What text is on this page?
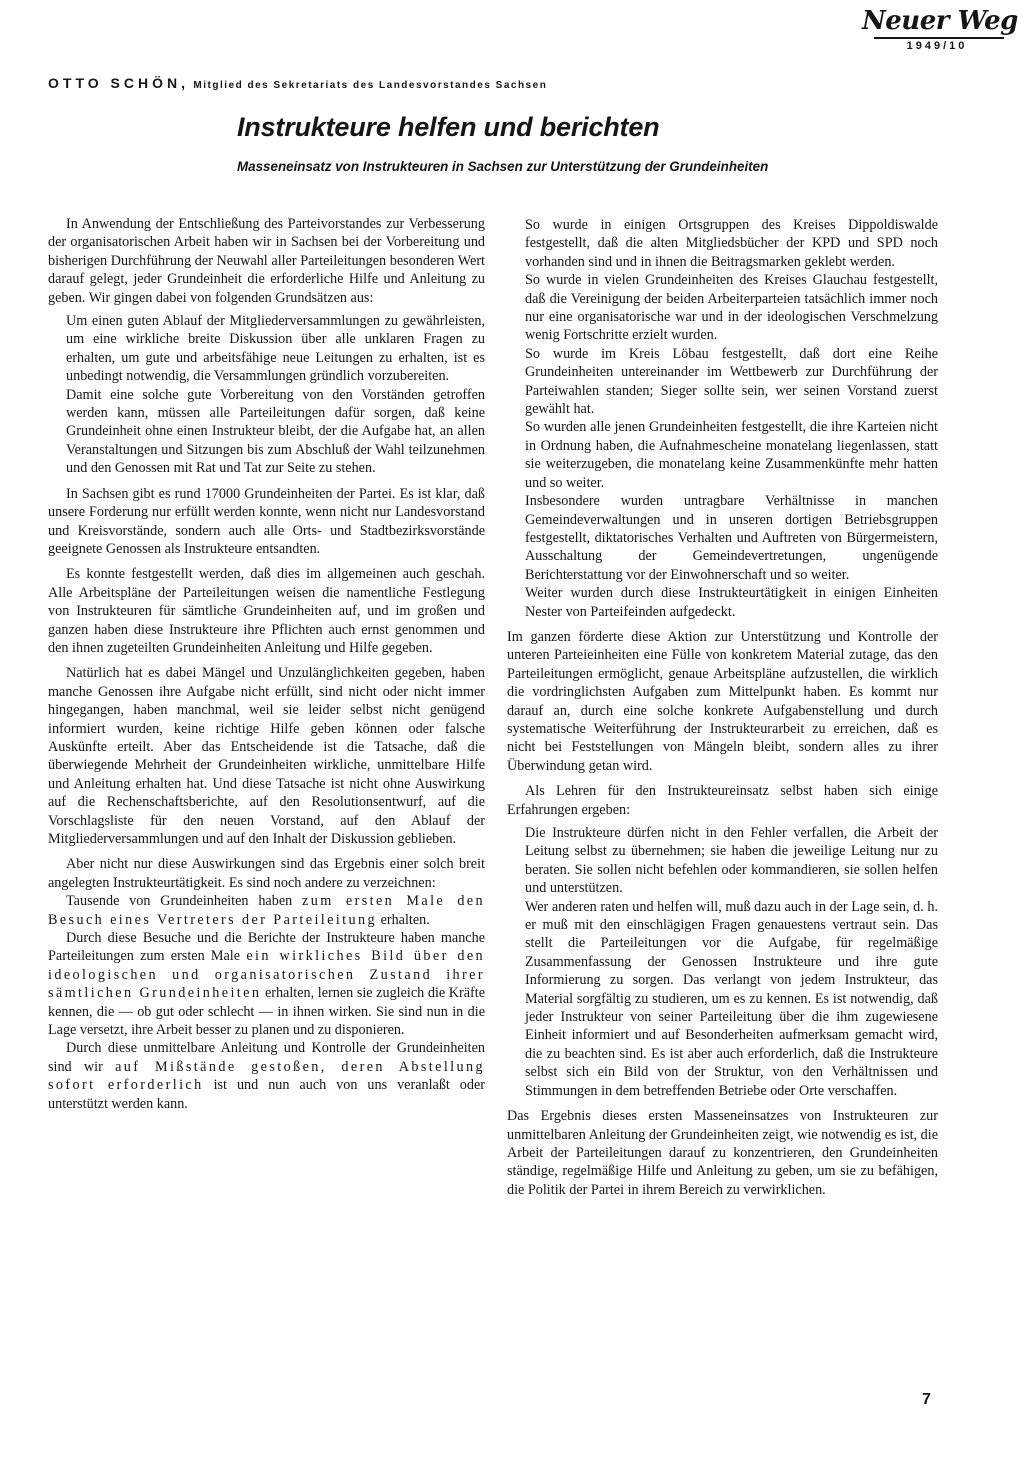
Neuer Weg
1949/10
OTTO SCHÖN, Mitglied des Sekretariats des Landesvorstandes Sachsen
Instrukteure helfen und berichten
Masseneinsatz von Instrukteuren in Sachsen zur Unterstützung der Grundeinheiten

In Anwendung der Entschließung des Parteivorstandes zur Verbesserung der organisatorischen Arbeit haben wir in Sachsen bei der Vorbereitung und bisherigen Durchführung der Neuwahl aller Parteileitungen besonderen Wert darauf gelegt, jeder Grundeinheit die erforderliche Hilfe und Anleitung zu geben. Wir gingen dabei von folgenden Grundsätzen aus:

Um einen guten Ablauf der Mitgliederversammlungen zu gewährleisten, um eine wirkliche breite Diskussion über alle unklaren Fragen zu erhalten, um gute und arbeitsfähige neue Leitungen zu erhalten, ist es unbedingt notwendig, die Versammlungen gründlich vorzubereiten.

Damit eine solche gute Vorbereitung von den Vorständen getroffen werden kann, müssen alle Parteileitungen dafür sorgen, daß keine Grundeinheit ohne einen Instrukteur bleibt, der die Aufgabe hat, an allen Veranstaltungen und Sitzungen bis zum Abschluß der Wahl teilzunehmen und den Genossen mit Rat und Tat zur Seite zu stehen.

In Sachsen gibt es rund 17000 Grundeinheiten der Partei. Es ist klar, daß unsere Forderung nur erfüllt werden konnte, wenn nicht nur Landesvorstand und Kreisvorstände, sondern auch alle Orts- und Stadtbezirksvorstände geeignete Genossen als Instrukteure entsandten.

Es konnte festgestellt werden, daß dies im allgemeinen auch geschah. Alle Arbeitspläne der Parteileitungen weisen die namentliche Festlegung von Instrukteuren für sämtliche Grundeinheiten auf, und im großen und ganzen haben diese Instrukteure ihre Pflichten auch ernst genommen und den ihnen zugeteilten Grundeinheiten Anleitung und Hilfe gegeben.

Natürlich hat es dabei Mängel und Unzulänglichkeiten gegeben, haben manche Genossen ihre Aufgabe nicht erfüllt, sind nicht oder nicht immer hingegangen, haben manchmal, weil sie leider selbst nicht genügend informiert wurden, keine richtige Hilfe geben können oder falsche Auskünfte erteilt. Aber das Entscheidende ist die Tatsache, daß die überwiegende Mehrheit der Grundeinheiten wirkliche, unmittelbare Hilfe und Anleitung erhalten hat. Und diese Tatsache ist nicht ohne Auswirkung auf die Rechenschaftsberichte, auf den Resolutionsentwurf, auf die Vorschlagsliste für den neuen Vorstand, auf den Ablauf der Mitgliederversammlungen und auf den Inhalt der Diskussion geblieben.

Aber nicht nur diese Auswirkungen sind das Ergebnis einer solch breit angelegten Instrukteurtätigkeit. Es sind noch andere zu verzeichnen:

Tausende von Grundeinheiten haben zum ersten Male den Besuch eines Vertreters der Parteileitung erhalten.

Durch diese Besuche und die Berichte der Instrukteure haben manche Parteileitungen zum ersten Male ein wirkliches Bild über den ideologischen und organisatorischen Zustand ihrer sämtlichen Grundeinheiten erhalten, lernen sie zugleich die Kräfte kennen, die — ob gut oder schlecht — in ihnen wirken. Sie sind nun in die Lage versetzt, ihre Arbeit besser zu planen und zu disponieren.

Durch diese unmittelbare Anleitung und Kontrolle der Grundeinheiten sind wir auf Mißstände gestoßen, deren Abstellung sofort erforderlich ist und nun auch von uns veranlaßt oder unterstützt werden kann.

So wurde in einigen Ortsgruppen des Kreises Dippoldiswalde festgestellt, daß die alten Mitgliedsbücher der KPD und SPD noch vorhanden sind und in ihnen die Beitragsmarken geklebt werden.

So wurde in vielen Grundeinheiten des Kreises Glauchau festgestellt, daß die Vereinigung der beiden Arbeiterparteien tatsächlich immer noch nur eine organisatorische war und in der ideologischen Verschmelzung wenig Fortschritte erzielt wurden.

So wurde im Kreis Löbau festgestellt, daß dort eine Reihe Grundeinheiten untereinander im Wettbewerb zur Durchführung der Parteiwahlen standen; Sieger sollte sein, wer seinen Vorstand zuerst gewählt hat.

So wurden alle jenen Grundeinheiten festgestellt, die ihre Karteien nicht in Ordnung haben, die Aufnahmescheine monatelang liegenlassen, statt sie weiterzugeben, die monatelang keine Zusammenkünfte mehr hatten und so weiter.

Insbesondere wurden untragbare Verhältnisse in manchen Gemeindeverwaltungen und in unseren dortigen Betriebsgruppen festgestellt, diktatorisches Verhalten und Auftreten von Bürgermeistern, Ausschaltung der Gemeindevertretungen, ungenügende Berichterstattung vor der Einwohnerschaft und so weiter.

Weiter wurden durch diese Instrukteurtätigkeit in einigen Einheiten Nester von Parteifeinden aufgedeckt.

Im ganzen förderte diese Aktion zur Unterstützung und Kontrolle der unteren Parteieinheiten eine Fülle von konkretem Material zutage, das den Parteileitungen ermöglicht, genaue Arbeitspläne aufzustellen, die wirklich die vordringlichsten Aufgaben zum Mittelpunkt haben. Es kommt nur darauf an, durch eine solche konkrete Aufgabenstellung und durch systematische Weiterführung der Instrukteurarbeit zu erreichen, daß es nicht bei Feststellungen von Mängeln bleibt, sondern alles zu ihrer Überwindung getan wird.

Als Lehren für den Instrukteureinsatz selbst haben sich einige Erfahrungen ergeben:

Die Instrukteure dürfen nicht in den Fehler verfallen, die Arbeit der Leitung selbst zu übernehmen; sie haben die jeweilige Leitung nur zu beraten. Sie sollen nicht befehlen oder kommandieren, sie sollen helfen und unterstützen.

Wer anderen raten und helfen will, muß dazu auch in der Lage sein, d. h. er muß mit den einschlägigen Fragen genauestens vertraut sein. Das stellt die Parteileitungen vor die Aufgabe, für regelmäßige Zusammenfassung der Genossen Instrukteure und ihre gute Informierung zu sorgen. Das verlangt von jedem Instrukteur, das Material sorgfältig zu studieren, um es zu kennen. Es ist notwendig, daß jeder Instrukteur von seiner Parteileitung über die ihm zugewiesene Einheit informiert und auf Besonderheiten aufmerksam gemacht wird, die zu beachten sind. Es ist aber auch erforderlich, daß die Instrukteure selbst sich ein Bild von der Struktur, von den Verhältnissen und Stimmungen in dem betreffenden Betriebe oder Orte verschaffen.

Das Ergebnis dieses ersten Masseneinsatzes von Instrukteuren zur unmittelbaren Anleitung der Grundeinheiten zeigt, wie notwendig es ist, die Arbeit der Parteileitungen darauf zu konzentrieren, den Grundeinheiten ständige, regelmäßige Hilfe und Anleitung zu geben, um sie zu befähigen, die Politik der Partei in ihrem Bereich zu verwirklichen.

7
